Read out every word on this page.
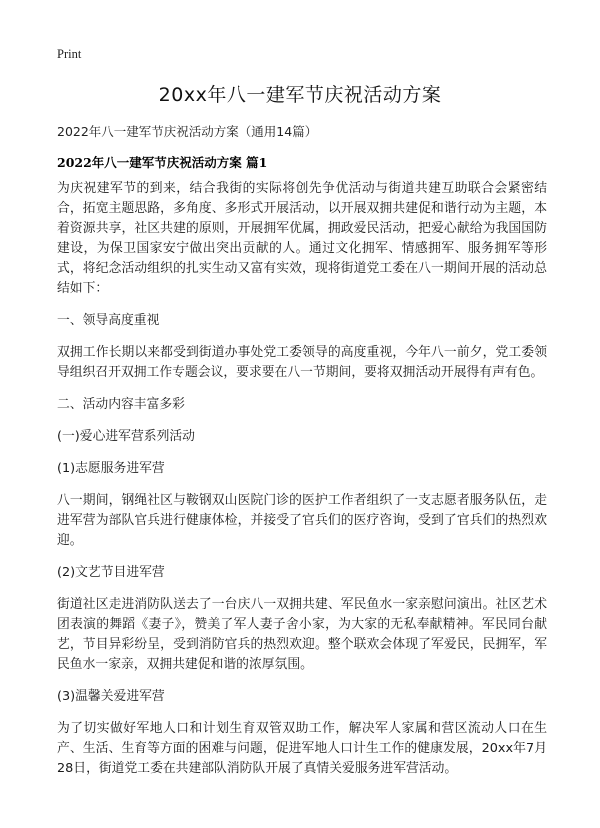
Print
20xx年八一建军节庆祝活动方案

2022年八一建军节庆祝活动方案（通用14篇）

2022年八一建军节庆祝活动方案 篇1

为庆祝建军节的到来，结合我街的实际将创先争优活动与街道共建互助联合会紧密结合，拓宽主题思路，多角度、多形式开展活动，以开展双拥共建促和谐行动为主题，本着资源共享，社区共建的原则，开展拥军优属，拥政爱民活动，把爱心献给为我国国防建设，为保卫国家安宁做出突出贡献的人。通过文化拥军、情感拥军、服务拥军等形式，将纪念活动组织的扎实生动又富有实效，现将街道党工委在八一期间开展的活动总结如下：

一、领导高度重视

双拥工作长期以来都受到街道办事处党工委领导的高度重视，今年八一前夕，党工委领导组织召开双拥工作专题会议，要求要在八一节期间，要将双拥活动开展得有声有色。

二、活动内容丰富多彩

(一)爱心进军营系列活动

(1)志愿服务进军营

八一期间，钢绳社区与鞍钢双山医院门诊的医护工作者组织了一支志愿者服务队伍，走进军营为部队官兵进行健康体检，并接受了官兵们的医疗咨询，受到了官兵们的热烈欢迎。

(2)文艺节目进军营

街道社区走进消防队送去了一台庆八一双拥共建、军民鱼水一家亲慰问演出。社区艺术团表演的舞蹈《妻子》，赞美了军人妻子舍小家，为大家的无私奉献精神。军民同台献艺，节目异彩纷呈，受到消防官兵的热烈欢迎。整个联欢会体现了军爱民，民拥军，军民鱼水一家亲，双拥共建促和谐的浓厚氛围。

(3)温馨关爱进军营

为了切实做好军地人口和计划生育双管双助工作，解决军人家属和营区流动人口在生产、生活、生育等方面的困难与问题，促进军地人口计生工作的健康发展，20xx年7月28日，街道党工委在共建部队消防队开展了真情关爱服务进军营活动。
